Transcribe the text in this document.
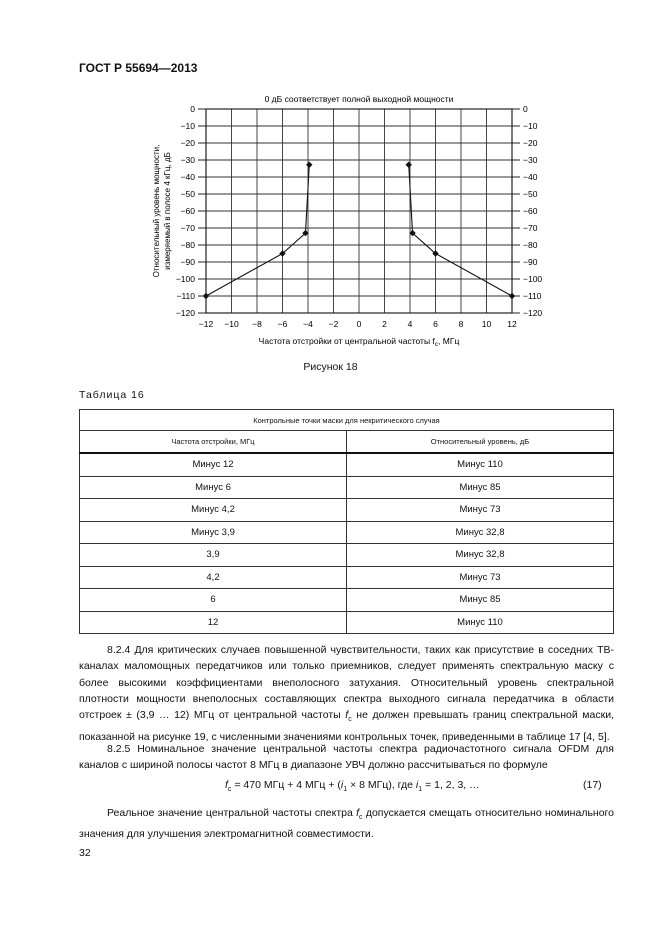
ГОСТ Р 55694—2013
0
−10
−20
−30
−40
−50
−60
−70
−80
−90
−100
−110
−120
0
−10
−20
−30
−40
−50
−60
−70
−80
−90
−100
−110
−120
−12 −10 −8 −6 −4 −2 0 2 4 6 8 10 12
0 дБ соответствует полной выходной мощности
Частота отстройки от центральной частоты $f_c$, МГц
Относительный уровень мощности, измеряемый в полосе 4 кГц, дБ
Рисунок 18
Таблица 16
Контрольные точки маски для некритического случая	
Частота отстройки, МГц	Относительный уровень, дБ
Минус 12	Минус 110
Минус 6	Минус 85
Минус 4,2	Минус 73
Минус 3,9	Минус 32,8
3,9	Минус 32,8
4,2	Минус 73
6	Минус 85
12	Минус 110
8.2.4 Для критических случаев повышенной чувствительности, таких как присутствие в соседних ТВ-каналах маломощных передатчиков или только приемников, следует применять спектральную маску с более высокими коэффициентами внеполосного затухания. Относительный уровень спектральной плотности мощности внеполосных составляющих спектра выходного сигнала передатчика в области отстроек ± (3,9 … 12) МГц от центральной частоты $f_c$ не должен превышать границ спектральной маски, показанной на рисунке 19, с численными значениями контрольных точек, приведенными в таблице 17 [4, 5].
8.2.5 Номинальное значение центральной частоты спектра радиочастотного сигнала OFDM для каналов с шириной полосы частот 8 МГц в диапазоне УВЧ должно рассчитываться по формуле
$f_c = 470$ МГц + 4 МГц + ($i_1 \times 8$ МГц), где $i_1 = 1$, 2, 3, …	(17)
Реальное значение центральной частоты спектра $f_c$ допускается смещать относительно номинального значения для улучшения электромагнитной совместимости.
32
